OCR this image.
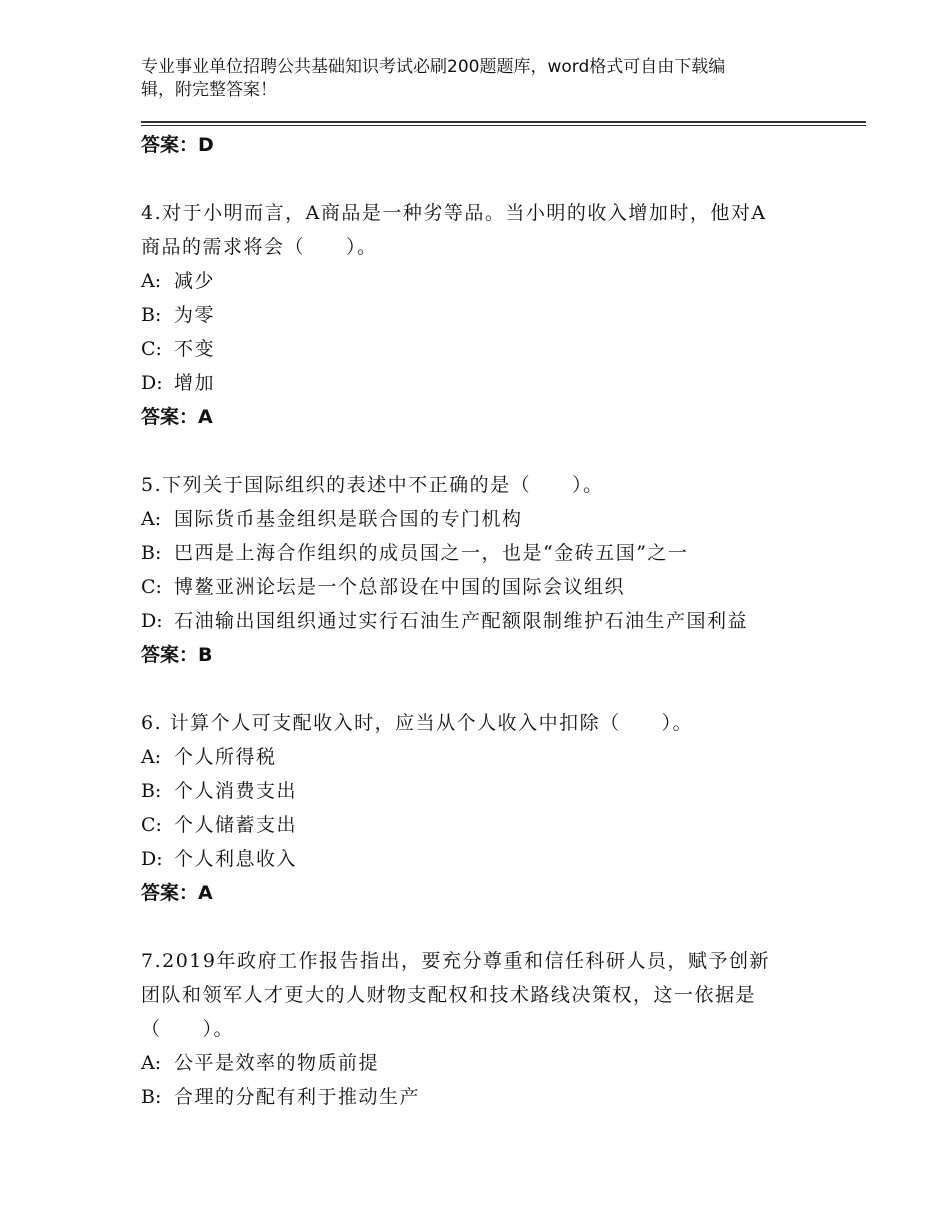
专业事业单位招聘公共基础知识考试必刷200题题库，word格式可自由下载编
辑，附完整答案！
答案：D
4.对于小明而言，A商品是一种劣等品。当小明的收入增加时，他对A
商品的需求将会（　　）。
A: 减少
B: 为零
C: 不变
D: 增加
答案：A
5.下列关于国际组织的表述中不正确的是（　　）。
A: 国际货币基金组织是联合国的专门机构
B: 巴西是上海合作组织的成员国之一，也是“金砖五国”之一
C: 博鳌亚洲论坛是一个总部设在中国的国际会议组织
D: 石油输出国组织通过实行石油生产配额限制维护石油生产国利益
答案：B
6. 计算个人可支配收入时，应当从个人收入中扣除（　　）。
A: 个人所得税
B: 个人消费支出
C: 个人储蓄支出
D: 个人利息收入
答案：A
7.2019年政府工作报告指出，要充分尊重和信任科研人员，赋予创新
团队和领军人才更大的人财物支配权和技术路线决策权，这一依据是
（　　）。
A: 公平是效率的物质前提
B: 合理的分配有利于推动生产
